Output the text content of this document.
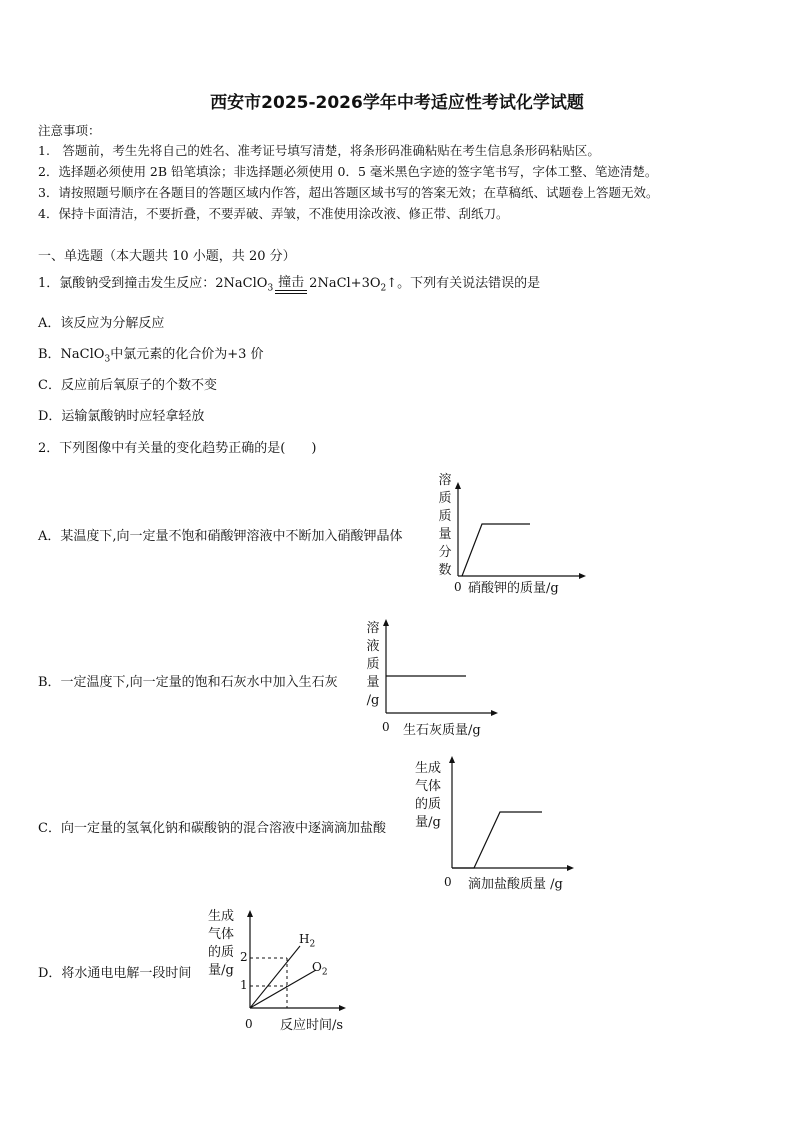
西安市2025-2026学年中考适应性考试化学试题
注意事项：
1.　答题前，考生先将自己的姓名、准考证号填写清楚，将条形码准确粘贴在考生信息条形码粘贴区。
2．选择题必须使用 2B 铅笔填涂；非选择题必须使用 0．5 毫米黑色字迹的签字笔书写，字体工整、笔迹清楚。
3．请按照题号顺序在各题目的答题区域内作答，超出答题区域书写的答案无效；在草稿纸、试题卷上答题无效。
4．保持卡面清洁，不要折叠，不要弄破、弄皱，不准使用涂改液、修正带、刮纸刀。
一、单选题（本大题共 10 小题，共 20 分）
1．氯酸钠受到撞击发生反应：2NaClO$_3$ 撞击 $2NaCl+3O_2↑$。下列有关说法错误的是
A．该反应为分解反应
B．NaClO$_3$中氯元素的化合价为+3 价
C．反应前后氧原子的个数不变
D．运输氯酸钠时应轻拿轻放
2．下列图像中有关量的变化趋势正确的是(　　)
A．某温度下,向一定量不饱和硝酸钾溶液中不断加入硝酸钾晶体
溶
质
质
量
分
数
0 硝酸钾的质量/g
B．一定温度下,向一定量的饱和石灰水中加入生石灰
溶
液
质
量
/g
0 生石灰质量/g
C．向一定量的氢氧化钠和碳酸钠的混合溶液中逐滴滴加盐酸
生成
气体
的质
量/g
0 滴加盐酸质量 /g
D．将水通电电解一段时间
生成
气体
的质
量/g
2
1
$H_2$
$O_2$
0 反应时间/s
